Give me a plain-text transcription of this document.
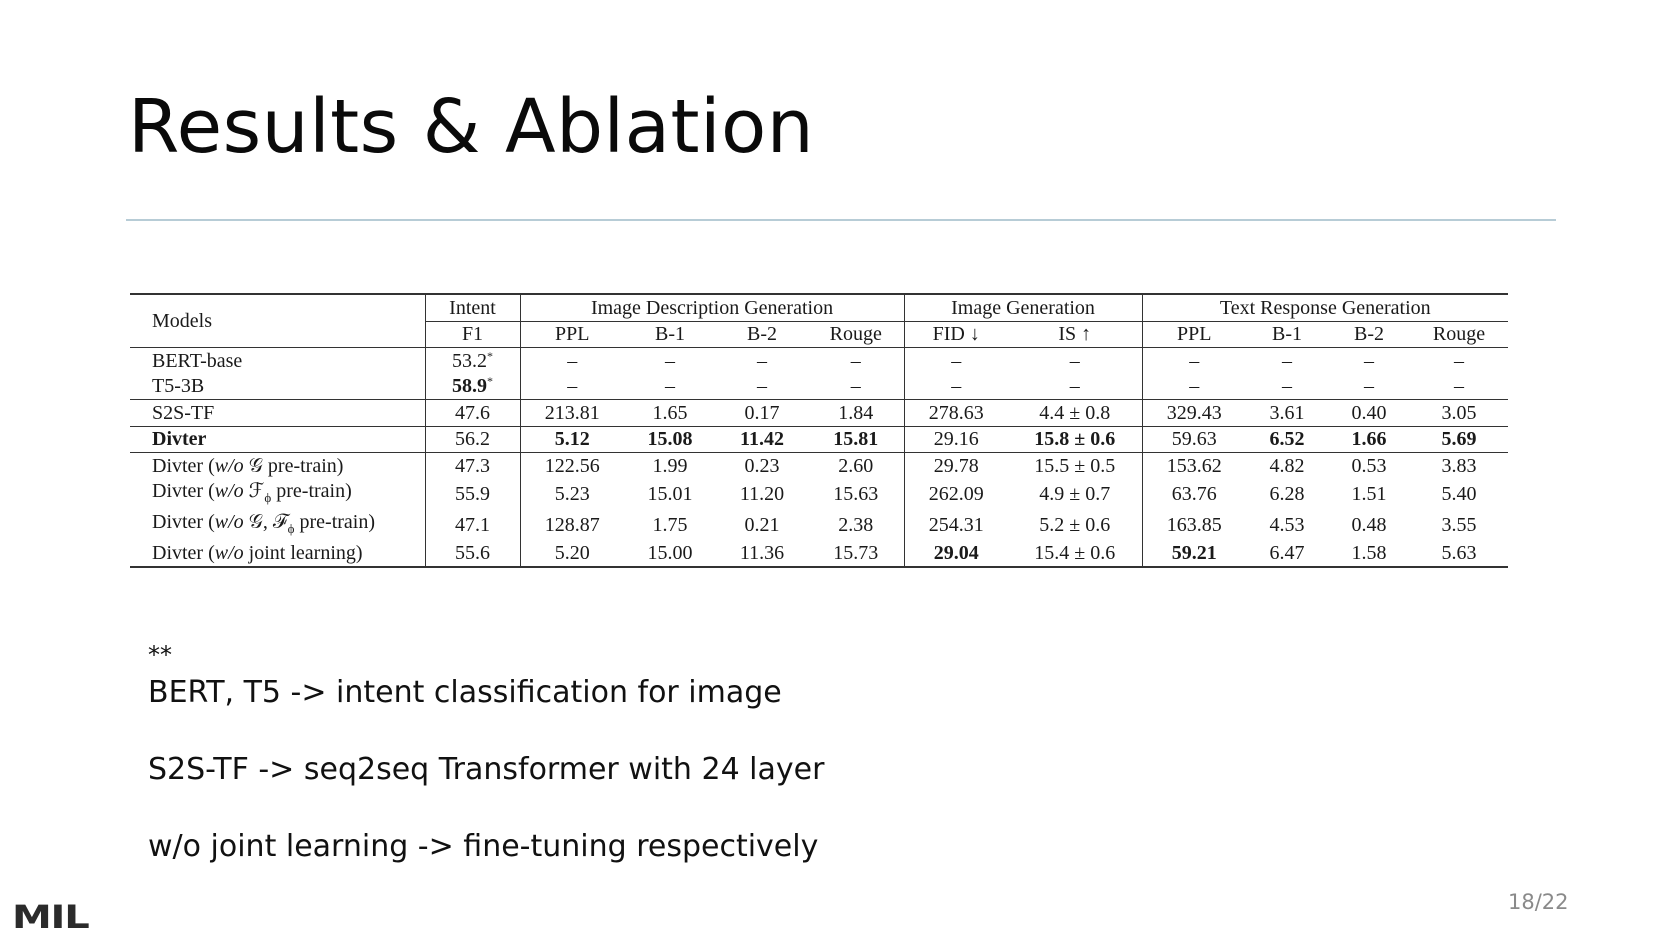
Results & Ablation
Models	Intent	Image Description Generation				Image Generation		Text Response Generation			
	F1	PPL	B-1	B-2	Rouge	FID ↓	IS ↑	PPL	B-1	B-2	Rouge
BERT-base	53.2*	–	–	–	–	–	–	–	–	–	–
T5-3B	58.9*	–	–	–	–	–	–	–	–	–	–
S2S-TF	47.6	213.81	1.65	0.17	1.84	278.63	4.4 ± 0.8	329.43	3.61	0.40	3.05
Divter	56.2	5.12	15.08	11.42	15.81	29.16	15.8 ± 0.6	59.63	6.52	1.66	5.69
Divter (w/o 𝒢 pre-train)	47.3	122.56	1.99	0.23	2.60	29.78	15.5 ± 0.5	153.62	4.82	0.53	3.83
Divter (w/o ℱ$_\phi$ pre-train)	55.9	5.23	15.01	11.20	15.63	262.09	4.9 ± 0.7	63.76	6.28	1.51	5.40
Divter (w/o 𝒢, ℱ$_\phi$ pre-train)	47.1	128.87	1.75	0.21	2.38	254.31	5.2 ± 0.6	163.85	4.53	0.48	3.55
Divter (w/o joint learning)	55.6	5.20	15.00	11.36	15.73	29.04	15.4 ± 0.6	59.21	6.47	1.58	5.63
**
BERT, T5 -> intent classification for image
S2S-TF -> seq2seq Transformer with 24 layer
w/o joint learning -> fine-tuning respectively
MIL	18/22
